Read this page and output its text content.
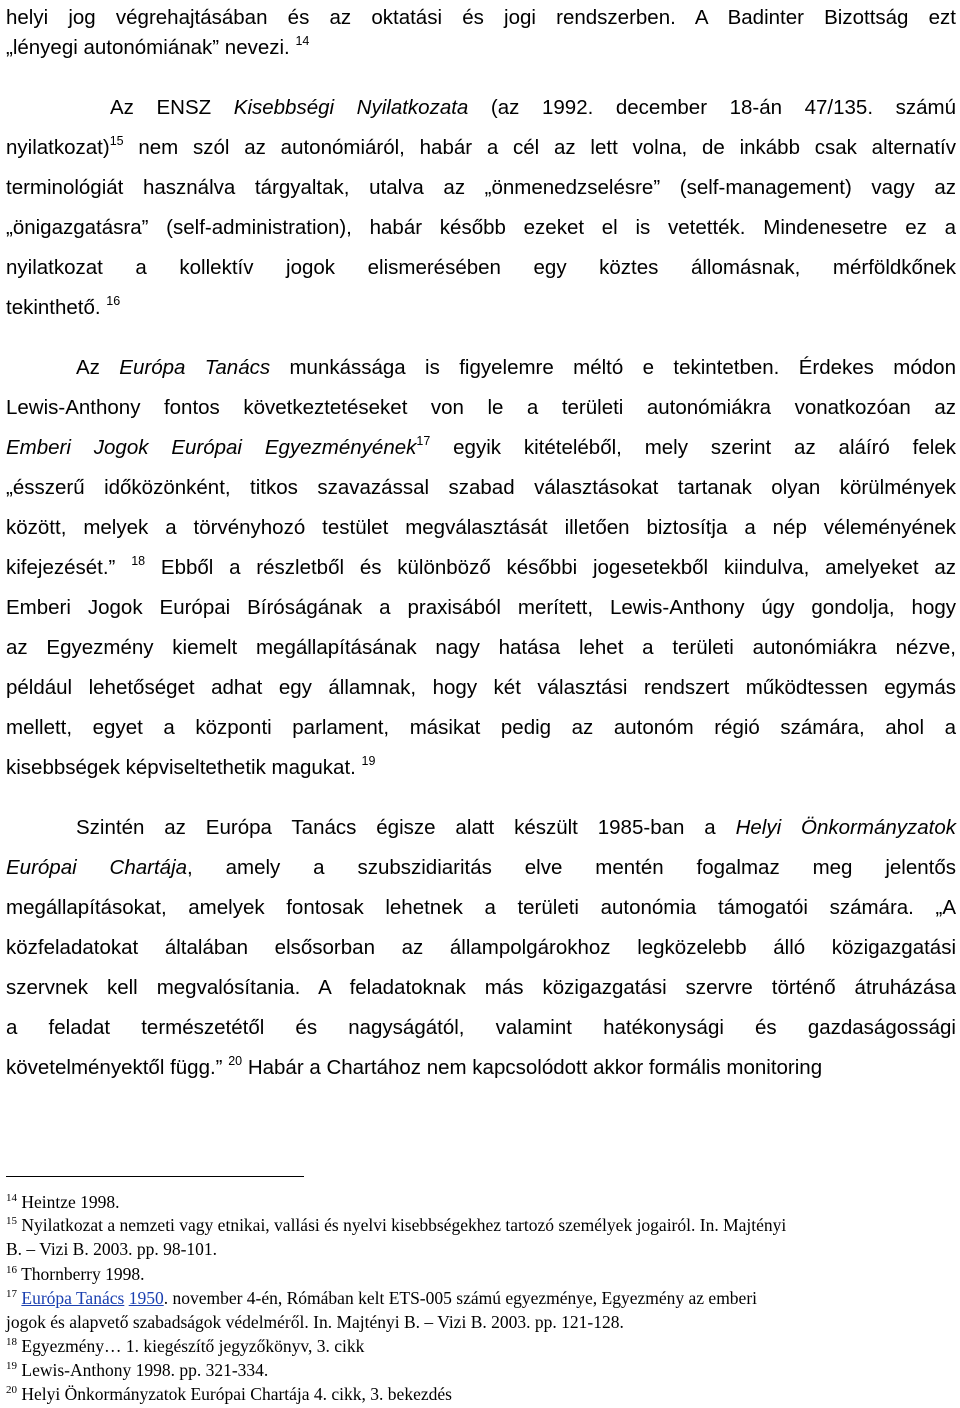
helyi jog végrehajtásában és az oktatási és jogi rendszerben. A Badinter Bizottság ezt
„lényegi autonómiának” nevezi. $^{14}$
Az ENSZ Kisebbségi Nyilatkozata (az 1992. december 18-án 47/135. számú
nyilatkozat)$^{15}$ nem szól az autonómiáról, habár a cél az lett volna, de inkább csak alternatív
terminológiát használva tárgyaltak, utalva az „önmenedzselésre” (self-management) vagy az
„önigazgatásra” (self-administration), habár később ezeket el is vetették. Mindenesetre ez a
nyilatkozat a kollektív jogok elismerésében egy köztes állomásnak, mérföldkőnek
tekinthető. $^{16}$
Az Európa Tanács munkássága is figyelemre méltó e tekintetben. Érdekes módon
Lewis-Anthony fontos következtetéseket von le a területi autonómiákra vonatkozóan az
Emberi Jogok Európai Egyezményének$^{17}$ egyik kitételéből, mely szerint az aláíró felek
„ésszerű időközönként, titkos szavazással szabad választásokat tartanak olyan körülmények
között, melyek a törvényhozó testület megválasztását illetően biztosítja a nép véleményének
kifejezését.” $^{18}$ Ebből a részletből és különböző későbbi jogesetekből kiindulva, amelyeket az
Emberi Jogok Európai Bíróságának a praxisából merített, Lewis-Anthony úgy gondolja, hogy
az Egyezmény kiemelt megállapításának nagy hatása lehet a területi autonómiákra nézve,
például lehetőséget adhat egy államnak, hogy két választási rendszert működtessen egymás
mellett, egyet a központi parlament, másikat pedig az autonóm régió számára, ahol a
kisebbségek képviseltethetik magukat. $^{19}$
Szintén az Európa Tanács égisze alatt készült 1985-ban a Helyi Önkormányzatok
Európai Chartája, amely a szubszidiaritás elve mentén fogalmaz meg jelentős
megállapításokat, amelyek fontosak lehetnek a területi autonómia támogatói számára. „A
közfeladatokat általában elsősorban az állampolgárokhoz legközelebb álló közigazgatási
szervnek kell megvalósítania. A feladatoknak más közigazgatási szervre történő átruházása
a feladat természetétől és nagyságától, valamint hatékonysági és gazdaságossági
követelményektől függ.” $^{20}$ Habár a Chartához nem kapcsolódott akkor formális monitoring
$^{14}$ Heintze 1998.
$^{15}$ Nyilatkozat a nemzeti vagy etnikai, vallási és nyelvi kisebbségekhez tartozó személyek jogairól. In. Majtényi
B. – Vizi B. 2003. pp. 98-101.
$^{16}$ Thornberry 1998.
$^{17}$ Európa Tanács 1950. november 4-én, Rómában kelt ETS-005 számú egyezménye, Egyezmény az emberi
jogok és alapvető szabadságok védelméről. In. Majtényi B. – Vizi B. 2003. pp. 121-128.
$^{18}$ Egyezmény… 1. kiegészítő jegyzőkönyv, 3. cikk
$^{19}$ Lewis-Anthony 1998. pp. 321-334.
$^{20}$ Helyi Önkormányzatok Európai Chartája 4. cikk, 3. bekezdés
